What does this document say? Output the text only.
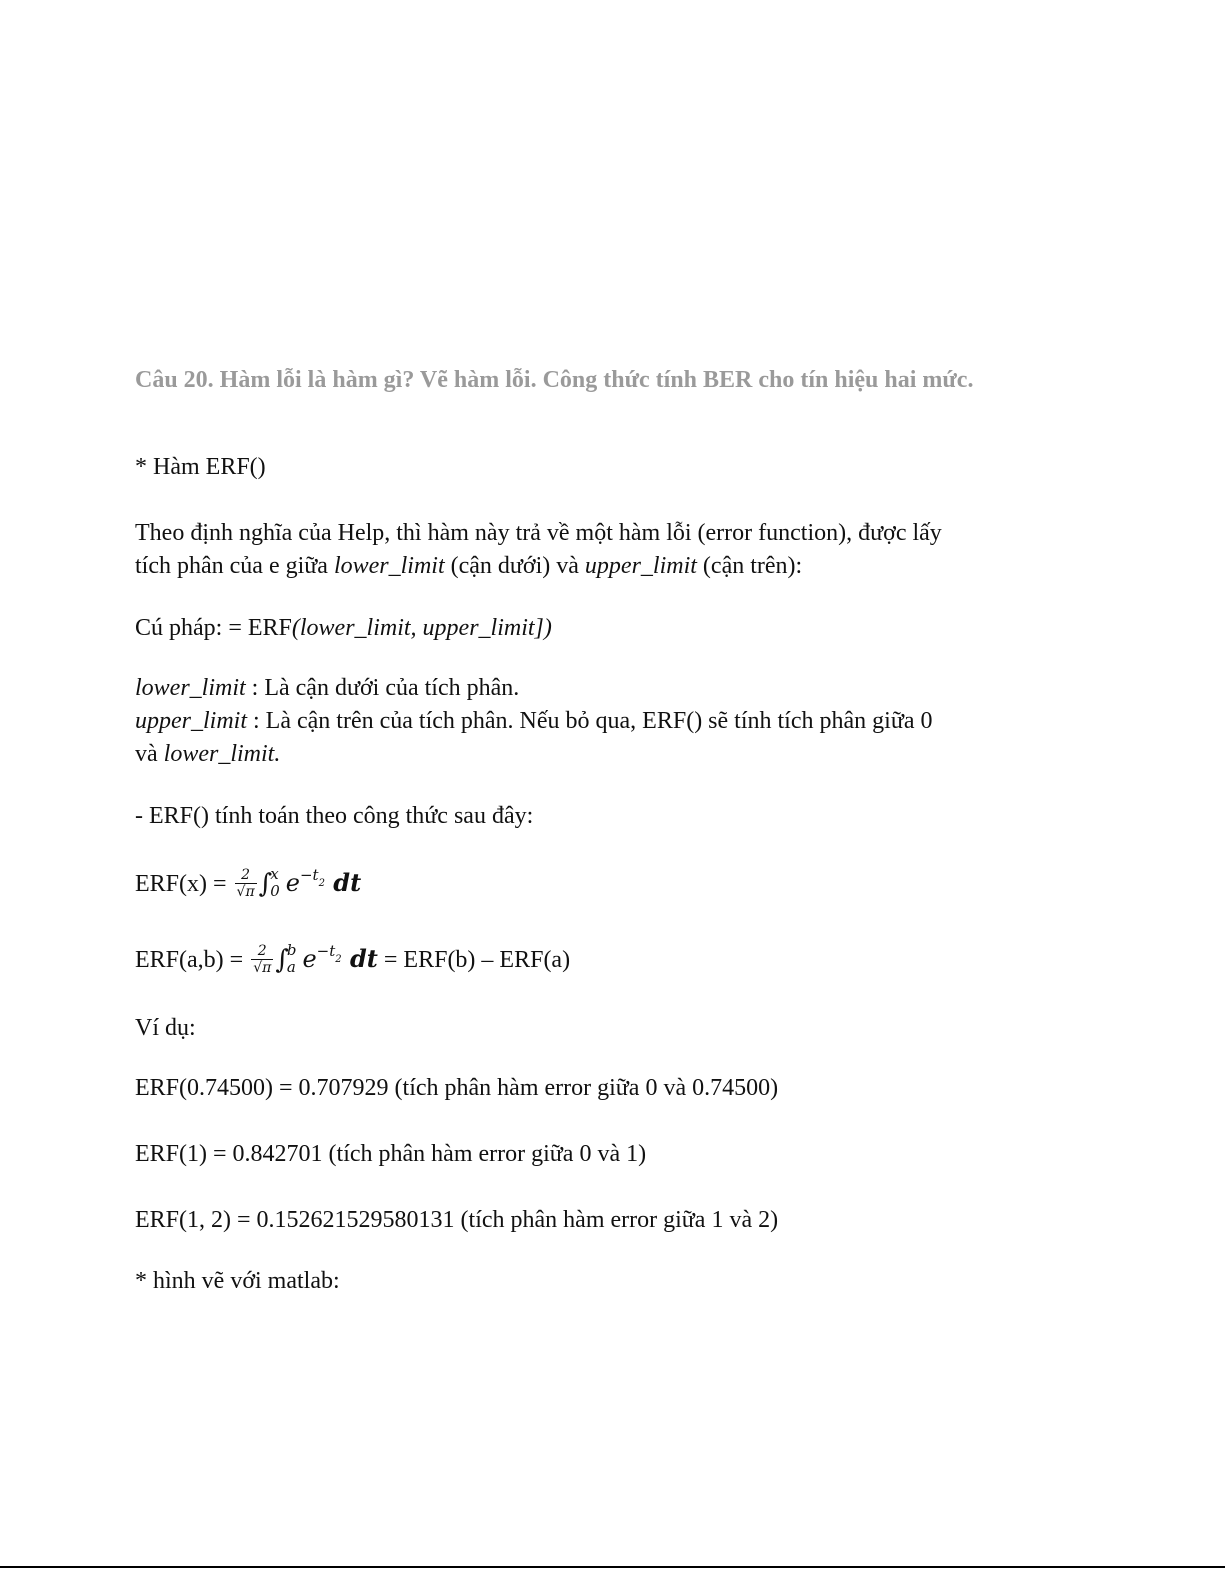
Câu 20. Hàm lỗi là hàm gì? Vẽ hàm lỗi. Công thức tính BER cho tín hiệu hai mức.
* Hàm ERF()
Theo định nghĩa của Help, thì hàm này trả về một hàm lỗi (error function), được lấy
tích phân của e giữa lower_limit (cận dưới) và upper_limit (cận trên):
Cú pháp: = ERF(lower_limit, upper_limit])
lower_limit : Là cận dưới của tích phân.
upper_limit : Là cận trên của tích phân. Nếu bỏ qua, ERF() sẽ tính tích phân giữa 0
và lower_limit.
- ERF() tính toán theo công thức sau đây:
$ERF(x) = \frac{2}{√\pi}$ ∫
x
0 $e^{-t2}$ dt
$ERF(a,b) = \frac{2}{√\pi}$ ∫
b
a $e^{-t2}$ dt = ERF(b) – ERF(a)
Ví dụ:
ERF(0.74500) = 0.707929 (tích phân hàm error giữa 0 và 0.74500)
ERF(1) = 0.842701 (tích phân hàm error giữa 0 và 1)
ERF(1, 2) = 0.152621529580131 (tích phân hàm error giữa 1 và 2)
* hình vẽ với matlab:
